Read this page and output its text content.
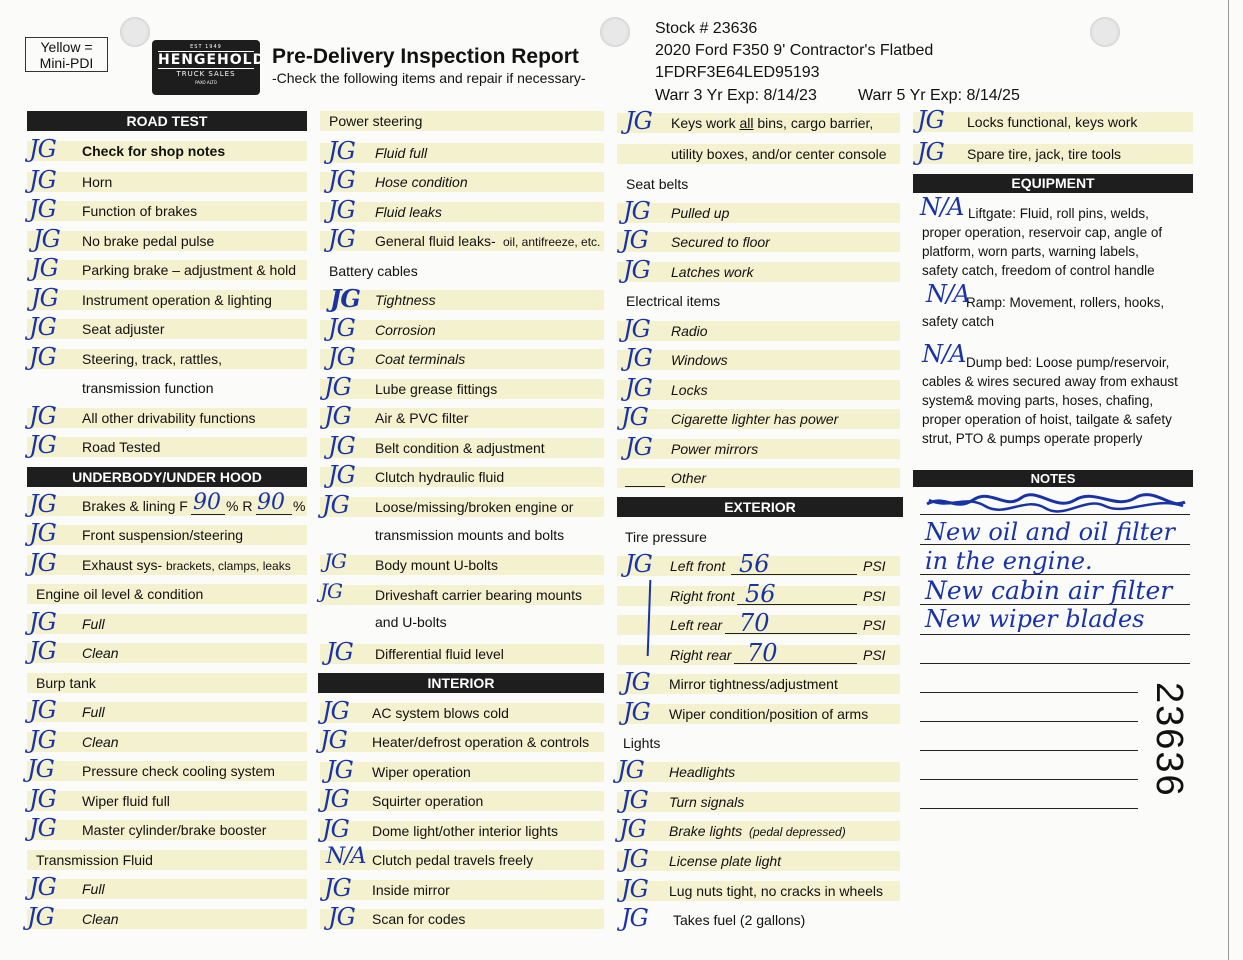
Yellow =
Mini-PDI
EST 1949
HENGEHOLD
TRUCK SALES
PAXO ALTO
Pre-Delivery Inspection Report
-Check the following items and repair if necessary-
Stock # 23636
2020 Ford F350 9' Contractor's Flatbed
1FDRF3E64LED95193
Warr 3 Yr Exp: 8/14/23	Warr 5 Yr Exp: 8/14/25
ROAD TEST
JG Check for shop notes
JG Horn
JG Function of brakes
JG No brake pedal pulse
JG Parking brake – adjustment & hold
JG Instrument operation & lighting
JG Seat adjuster
JG Steering, track, rattles,
transmission function
JG All other drivability functions
JG Road Tested
UNDERBODY/UNDER HOOD
JG Brakes & lining F 90 % R 90 %
JG Front suspension/steering
JG Exhaust sys- brackets, clamps, leaks
Engine oil level & condition
JG Full
JG Clean
Burp tank
JG Full
JG Clean
JG Pressure check cooling system
JG Wiper fluid full
JG Master cylinder/brake booster
Transmission Fluid
JG Full
JG Clean
Power steering
JG Fluid full
JG Hose condition
JG Fluid leaks
JG General fluid leaks- oil, antifreeze, etc.
Battery cables
JG Tightness
JG Corrosion
JG Coat terminals
JG Lube grease fittings
JG Air & PVC filter
JG Belt condition & adjustment
JG Clutch hydraulic fluid
JG Loose/missing/broken engine or
transmission mounts and bolts
JG Body mount U-bolts
JG Driveshaft carrier bearing mounts
and U-bolts
JG Differential fluid level
INTERIOR
JG AC system blows cold
JG Heater/defrost operation & controls
JG Wiper operation
JG Squirter operation
JG Dome light/other interior lights
N/A Clutch pedal travels freely
JG Inside mirror
JG Scan for codes
JG Keys work all bins, cargo barrier,
utility boxes, and/or center console
Seat belts
JG Pulled up
JG Secured to floor
JG Latches work
Electrical items
JG Radio
JG Windows
JG Locks
JG Cigarette lighter has power
JG Power mirrors
Other
EXTERIOR
Tire pressure
JG Left front 56	PSI
Right front 56	PSI
Left rear 70	PSI
Right rear 70	PSI
JG Mirror tightness/adjustment
JG Wiper condition/position of arms
Lights
JG Headlights
JG Turn signals
JG Brake lights (pedal depressed)
JG License plate light
JG Lug nuts tight, no cracks in wheels
JG Takes fuel (2 gallons)
JG Locks functional, keys work
JG Spare tire, jack, tire tools
EQUIPMENT
N/A Liftgate: Fluid, roll pins, welds,
proper operation, reservoir cap, angle of
platform, worn parts, warning labels,
safety catch, freedom of control handle
N/A
Ramp: Movement, rollers, hooks,
safety catch
N/A Dump bed: Loose pump/reservoir,
cables & wires secured away from exhaust
system& moving parts, hoses, chafing,
proper operation of hoist, tailgate & safety
strut, PTO & pumps operate properly
NOTES
New oil and oil filter
in the engine.
New cabin air filter
New wiper blades
23636
